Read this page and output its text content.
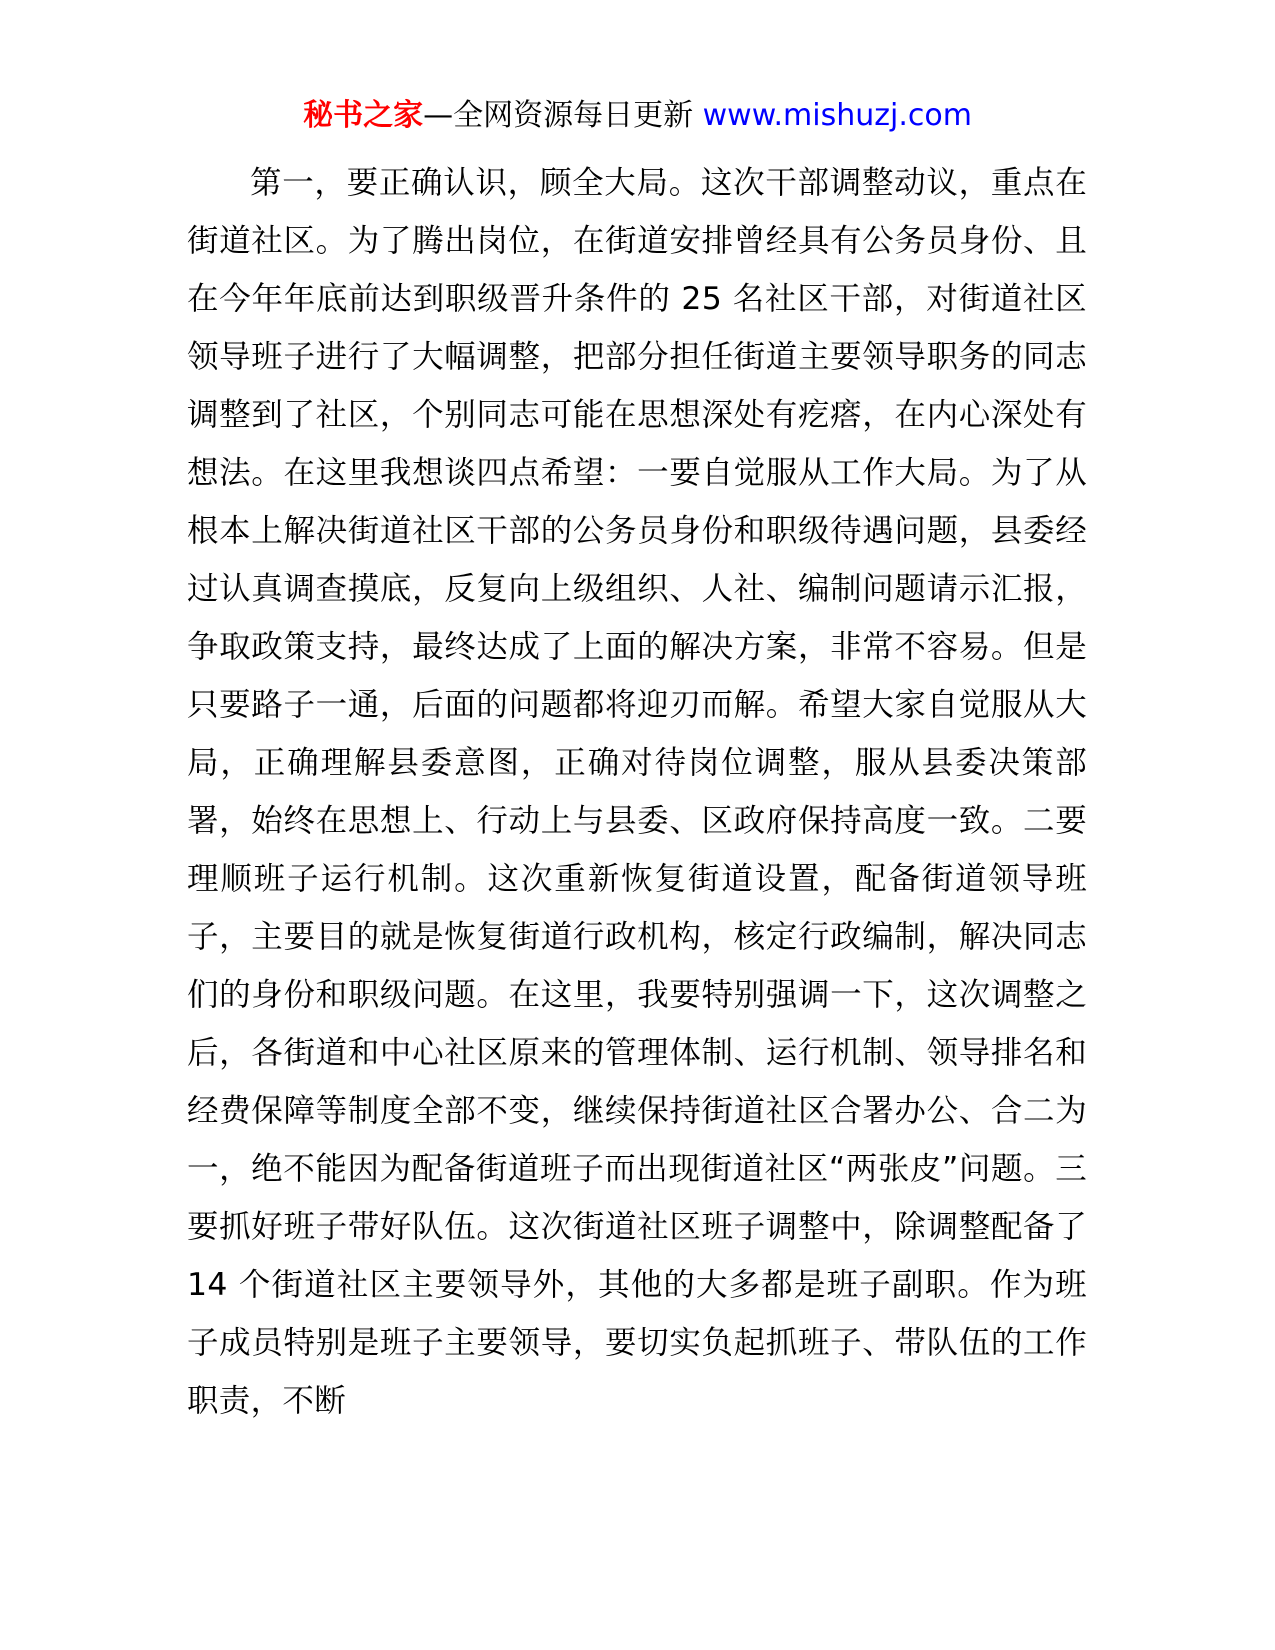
秘书之家—全网资源每日更新 www.mishuzj.com

第一，要正确认识，顾全大局。这次干部调整动议，重点在街道社区。为了腾出岗位，在街道安排曾经具有公务员身份、且在今年年底前达到职级晋升条件的 25 名社区干部，对街道社区领导班子进行了大幅调整，把部分担任街道主要领导职务的同志调整到了社区，个别同志可能在思想深处有疙瘩，在内心深处有想法。在这里我想谈四点希望：一要自觉服从工作大局。为了从根本上解决街道社区干部的公务员身份和职级待遇问题，县委经过认真调查摸底，反复向上级组织、人社、编制问题请示汇报，争取政策支持，最终达成了上面的解决方案，非常不容易。但是只要路子一通，后面的问题都将迎刃而解。希望大家自觉服从大局，正确理解县委意图，正确对待岗位调整，服从县委决策部署，始终在思想上、行动上与县委、区政府保持高度一致。二要理顺班子运行机制。这次重新恢复街道设置，配备街道领导班子，主要目的就是恢复街道行政机构，核定行政编制，解决同志们的身份和职级问题。在这里，我要特别强调一下，这次调整之后，各街道和中心社区原来的管理体制、运行机制、领导排名和经费保障等制度全部不变，继续保持街道社区合署办公、合二为一，绝不能因为配备街道班子而出现街道社区“两张皮”问题。三要抓好班子带好队伍。这次街道社区班子调整中，除调整配备了 14 个街道社区主要领导外，其他的大多都是班子副职。作为班子成员特别是班子主要领导，要切实负起抓班子、带队伍的工作职责，不断
